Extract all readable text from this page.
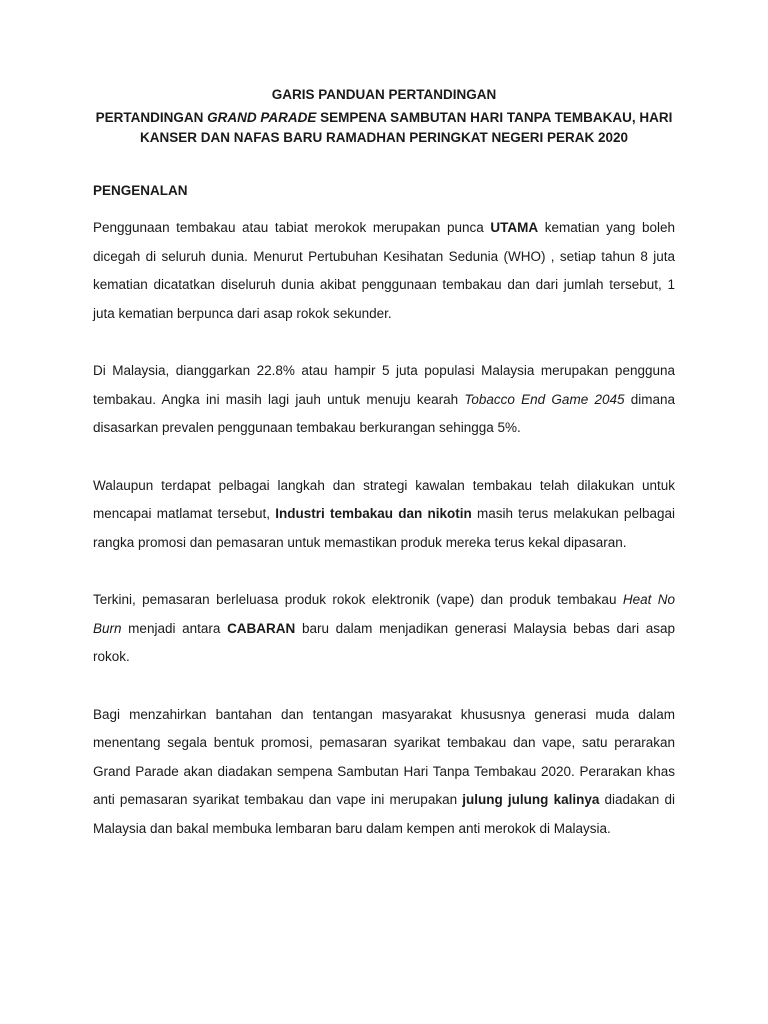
GARIS PANDUAN PERTANDINGAN
PERTANDINGAN GRAND PARADE SEMPENA SAMBUTAN HARI TANPA TEMBAKAU, HARI KANSER DAN NAFAS BARU RAMADHAN PERINGKAT NEGERI PERAK 2020
PENGENALAN

Penggunaan tembakau atau tabiat merokok merupakan punca UTAMA kematian yang boleh dicegah di seluruh dunia. Menurut Pertubuhan Kesihatan Sedunia (WHO) , setiap tahun 8 juta kematian dicatatkan diseluruh dunia akibat penggunaan tembakau dan dari jumlah tersebut, 1 juta kematian berpunca dari asap rokok sekunder.

Di Malaysia, dianggarkan 22.8% atau hampir 5 juta populasi Malaysia merupakan pengguna tembakau. Angka ini masih lagi jauh untuk menuju kearah Tobacco End Game 2045 dimana disasarkan prevalen penggunaan tembakau berkurangan sehingga 5%.

Walaupun terdapat pelbagai langkah dan strategi kawalan tembakau telah dilakukan untuk mencapai matlamat tersebut, Industri tembakau dan nikotin masih terus melakukan pelbagai rangka promosi dan pemasaran untuk memastikan produk mereka terus kekal dipasaran.

Terkini, pemasaran berleluasa produk rokok elektronik (vape) dan produk tembakau Heat No Burn menjadi antara CABARAN baru dalam menjadikan generasi Malaysia bebas dari asap rokok.

Bagi menzahirkan bantahan dan tentangan masyarakat khususnya generasi muda dalam menentang segala bentuk promosi, pemasaran syarikat tembakau dan vape, satu perarakan Grand Parade akan diadakan sempena Sambutan Hari Tanpa Tembakau 2020. Perarakan khas anti pemasaran syarikat tembakau dan vape ini merupakan julung julung kalinya diadakan di Malaysia dan bakal membuka lembaran baru dalam kempen anti merokok di Malaysia.
